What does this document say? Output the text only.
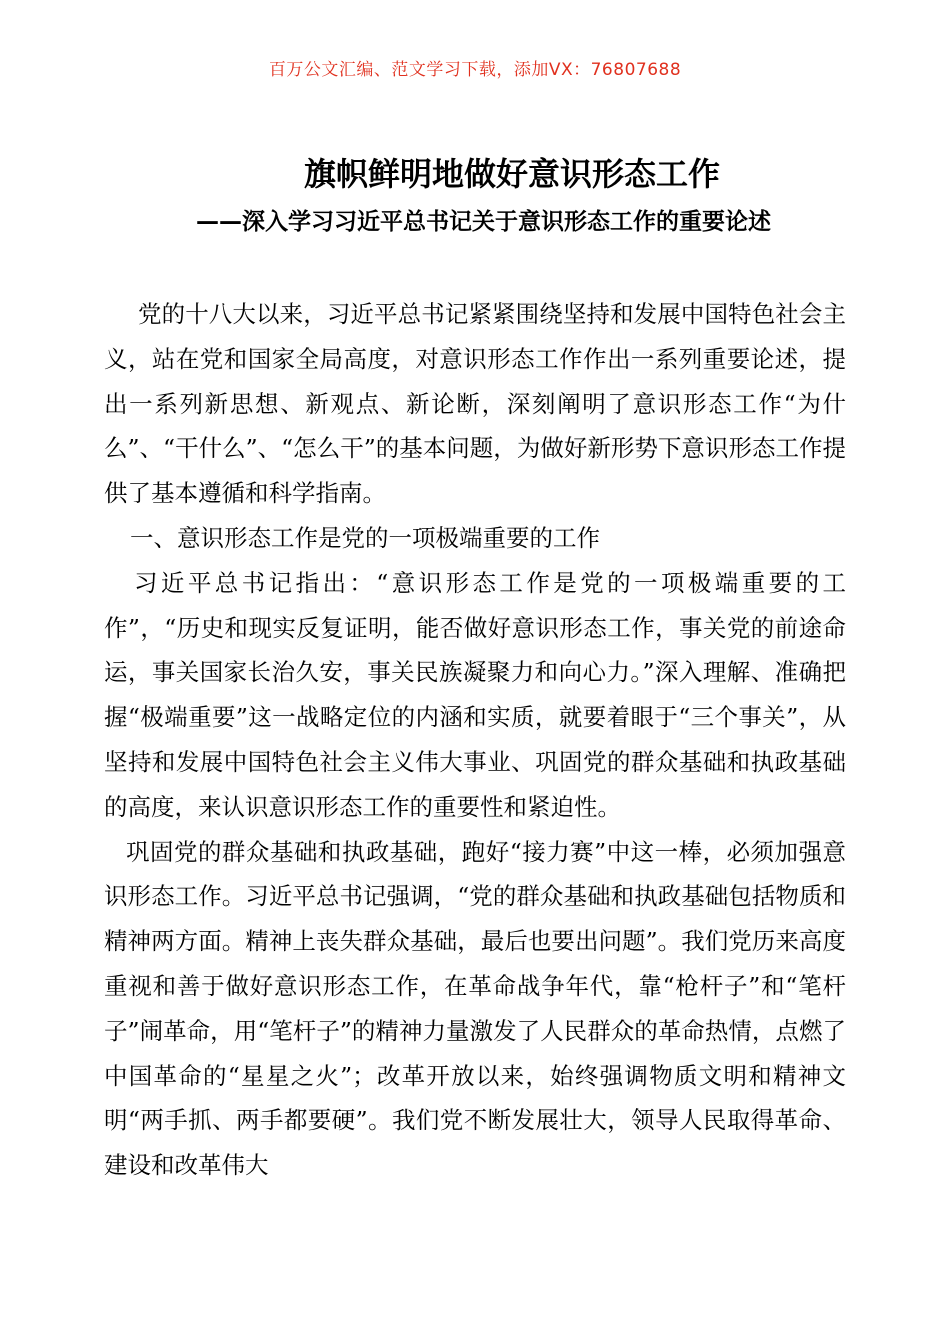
百万公文汇编、范文学习下载，添加VX：76807688
旗帜鲜明地做好意识形态工作
——深入学习习近平总书记关于意识形态工作的重要论述

党的十八大以来，习近平总书记紧紧围绕坚持和发展中国特色社会主义，站在党和国家全局高度，对意识形态工作作出一系列重要论述，提出一系列新思想、新观点、新论断，深刻阐明了意识形态工作“为什么”、“干什么”、“怎么干”的基本问题，为做好新形势下意识形态工作提供了基本遵循和科学指南。

一、意识形态工作是党的一项极端重要的工作

习近平总书记指出：“意识形态工作是党的一项极端重要的工作”，“历史和现实反复证明，能否做好意识形态工作，事关党的前途命运，事关国家长治久安，事关民族凝聚力和向心力。”深入理解、准确把握“极端重要”这一战略定位的内涵和实质，就要着眼于“三个事关”，从坚持和发展中国特色社会主义伟大事业、巩固党的群众基础和执政基础的高度，来认识意识形态工作的重要性和紧迫性。

巩固党的群众基础和执政基础，跑好“接力赛”中这一棒，必须加强意识形态工作。习近平总书记强调，“党的群众基础和执政基础包括物质和精神两方面。精神上丧失群众基础，最后也要出问题”。我们党历来高度重视和善于做好意识形态工作，在革命战争年代，靠“枪杆子”和“笔杆子”闹革命，用“笔杆子”的精神力量激发了人民群众的革命热情，点燃了中国革命的“星星之火”；改革开放以来，始终强调物质文明和精神文明“两手抓、两手都要硬”。我们党不断发展壮大，领导人民取得革命、建设和改革伟大
